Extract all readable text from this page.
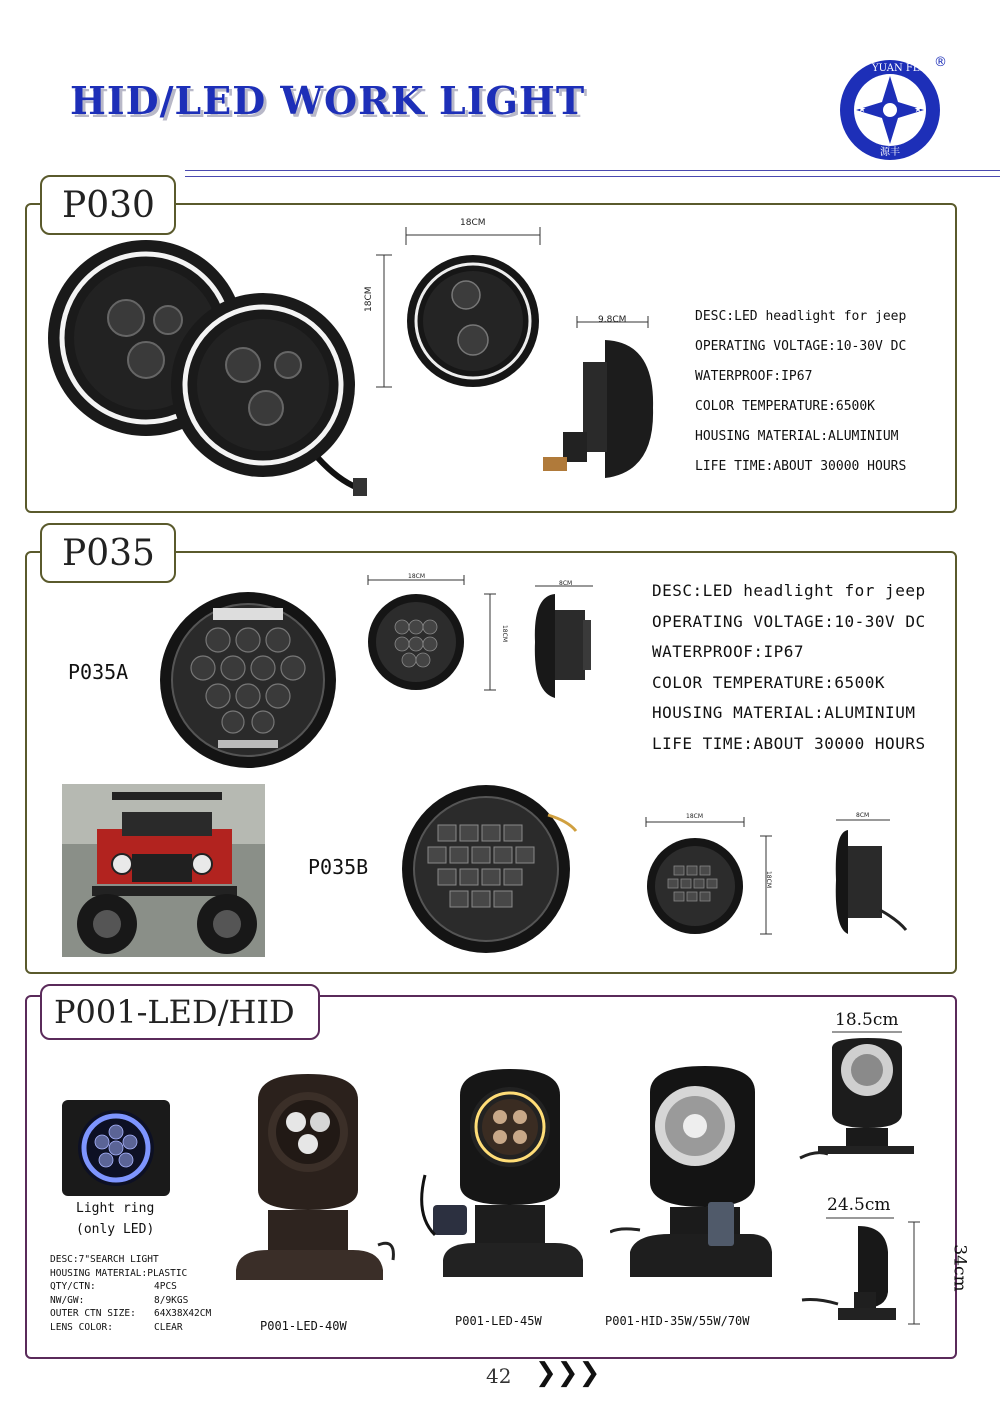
HID/LED WORK LIGHT	★	★
YUAN FENG
源丰
®
P030	18CM
18CM
9.8CM	DESC:LED headlight for jeep
OPERATING VOLTAGE:10-30V DC
WATERPROOF:IP67
COLOR TEMPERATURE:6500K
HOUSING MATERIAL:ALUMINIUM
LIFE TIME:ABOUT 30000 HOURS
P035
P035A
18CM
18CM
8CM	DESC:LED headlight for jeep
OPERATING VOLTAGE:10-30V DC
WATERPROOF:IP67
COLOR TEMPERATURE:6500K
HOUSING MATERIAL:ALUMINIUM
LIFE TIME:ABOUT 30000 HOURS
P035B
18CM
18CM
8CM
P001-LED/HID
Light ring
(only LED)
DESC:7"SEARCH LIGHT
HOUSING MATERIAL:PLASTIC
QTY/CTN:	4PCS
NW/GW:	8/9KGS
OUTER CTN SIZE:	64X38X42CM
LENS COLOR:	CLEAR	P001-LED-40W	P001-LED-45W	P001-HID-35W/55W/70W
18.5cm
24.5cm
34cm
42 ❯❯❯
